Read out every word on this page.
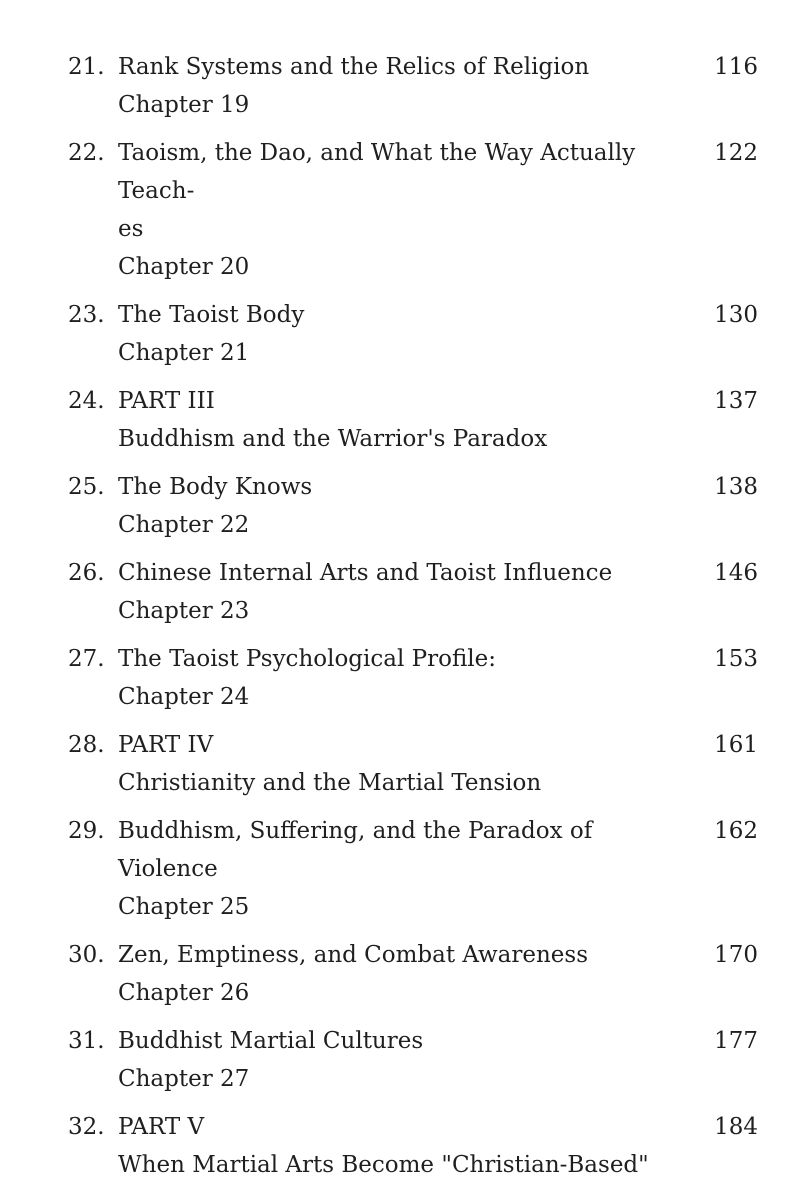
21. Rank Systems and the Relics of Religion
Chapter 19
116
22. Taoism, the Dao, and What the Way Actually Teach-
es
Chapter 20
122
23. The Taoist Body
Chapter 21
130
24. PART III
Buddhism and the Warrior's Paradox
137
25. The Body Knows
Chapter 22
138
26. Chinese Internal Arts and Taoist Influence
Chapter 23
146
27. The Taoist Psychological Profile:
Chapter 24
153
28. PART IV
Christianity and the Martial Tension
161
29. Buddhism, Suffering, and the Paradox of Violence
Chapter 25
162
30. Zen, Emptiness, and Combat Awareness
Chapter 26
170
31. Buddhist Martial Cultures
Chapter 27
177
32. PART V
When Martial Arts Become "Christian-Based"
184
